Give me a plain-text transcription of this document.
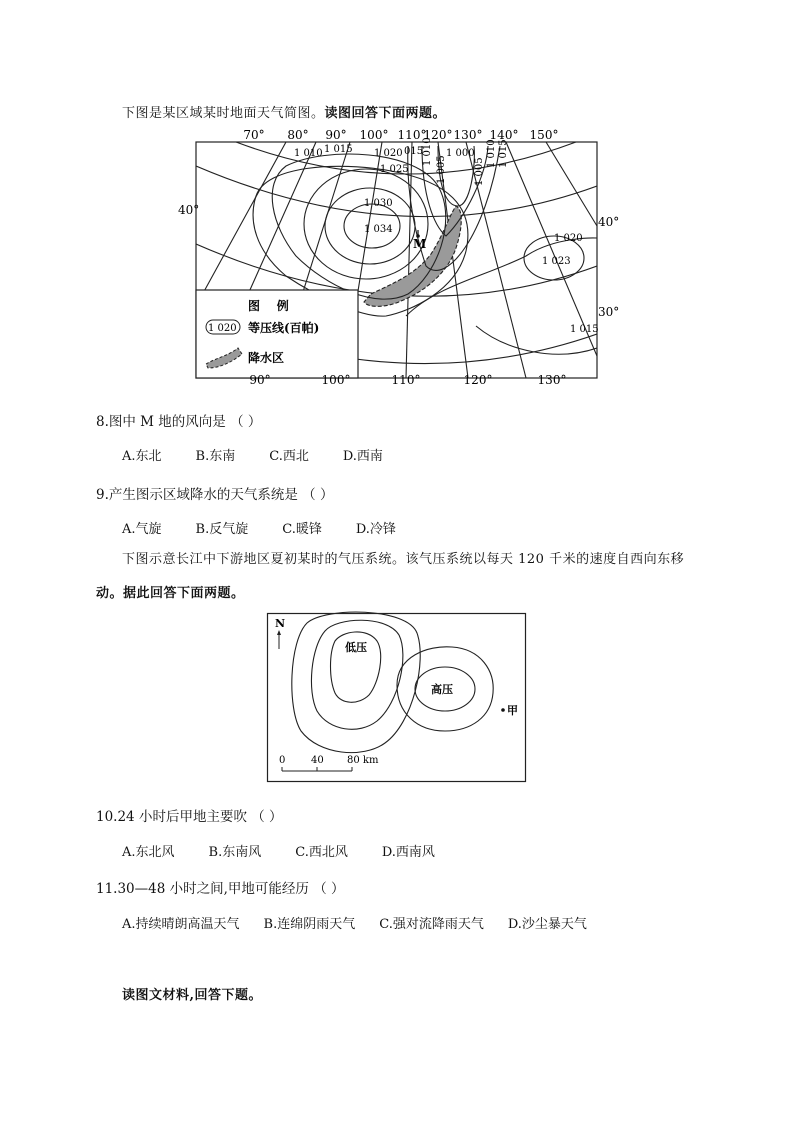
下图是某区域某时地面天气简图。读图回答下面两题。
70° 80° 90° 100° 110°
120° 130° 140° 150°
40°
40°
30°
1 010 1 015 1 020
1 025
1 030
1 034
015 1 000
1 020
1 023
1 015
1 010
1 005	1 005
1 010 1 015
M
图    例
1 020 等压线(百帕)
降水区
90°	100°	110°	120°	130°
8.图中 M 地的风向是 （ ）
A.东北	B.东南	C.西北	D.西南
9.产生图示区域降水的天气系统是 （ ）
A.气旋	B.反气旋	C.暖锋	D.冷锋
下图示意长江中下游地区夏初某时的气压系统。该气压系统以每天 120 千米的速度自西向东移
动。据此回答下面两题。
N
低压
高压
甲
0	40 80 km
10.24 小时后甲地主要吹 （ ）
A.东北风	B.东南风	C.西北风	D.西南风
11.30—48 小时之间,甲地可能经历 （ ）
A.持续晴朗高温天气 B.连绵阴雨天气 C.强对流降雨天气 D.沙尘暴天气
读图文材料,回答下题。
